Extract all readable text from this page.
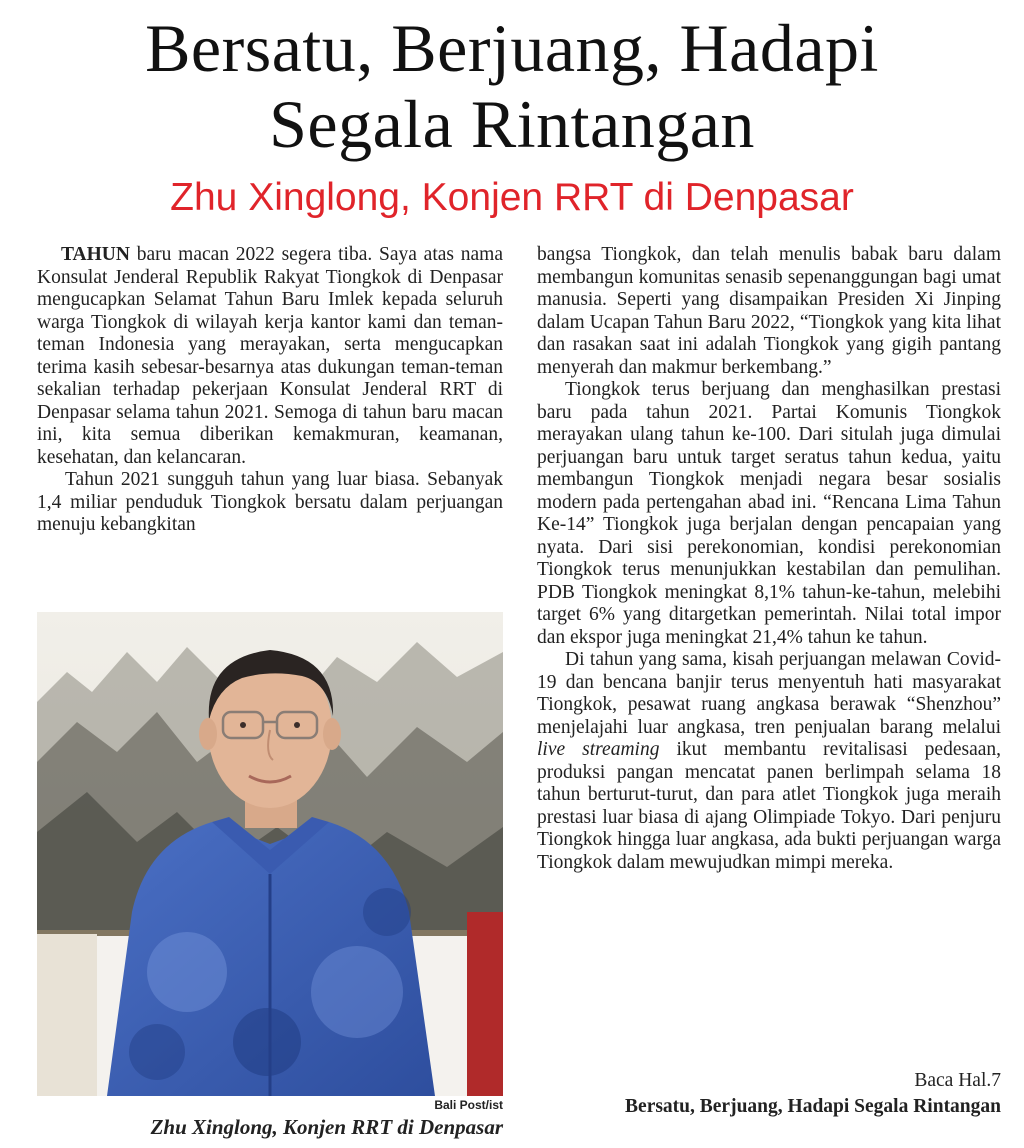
Bersatu, Berjuang, Hadapi
Segala Rintangan
Zhu Xinglong, Konjen RRT di Denpasar

TAHUN baru macan 2022 segera tiba. Saya atas nama Konsulat Jenderal Republik Rakyat Tiongkok di Denpasar mengucapkan Selamat Tahun Baru Imlek kepada seluruh warga Tiongkok di wilayah kerja kantor kami dan teman-teman Indonesia yang merayakan, serta mengucapkan terima kasih sebesar-besarnya atas dukungan teman-teman sekalian terhadap pekerjaan Konsulat Jenderal RRT di Denpasar selama tahun 2021. Semoga di tahun baru macan ini, kita semua diberikan kemakmuran, keamanan, kesehatan, dan kelancaran.

Tahun 2021 sungguh tahun yang luar biasa. Sebanyak 1,4 miliar penduduk Tiongkok bersatu dalam perjuangan menuju kebangkitan

Bali Post/ist
Zhu Xinglong, Konjen RRT di Denpasar

bangsa Tiongkok, dan telah menulis babak baru dalam membangun komunitas senasib sepenanggungan bagi umat manusia. Seperti yang disampaikan Presiden Xi Jinping dalam Ucapan Tahun Baru 2022, “Tiongkok yang kita lihat dan rasakan saat ini adalah Tiongkok yang gigih pantang menyerah dan makmur berkembang.”

Tiongkok terus berjuang dan menghasilkan prestasi baru pada tahun 2021. Partai Komunis Tiongkok merayakan ulang tahun ke-100. Dari situlah juga dimulai perjuangan baru untuk target seratus tahun kedua, yaitu membangun Tiongkok menjadi negara besar sosialis modern pada pertengahan abad ini. “Rencana Lima Tahun Ke-14” Tiongkok juga berjalan dengan pencapaian yang nyata. Dari sisi perekonomian, kondisi perekonomian Tiongkok terus menunjukkan kestabilan dan pemulihan. PDB Tiongkok meningkat 8,1% tahun-ke-tahun, melebihi target 6% yang ditargetkan pemerintah. Nilai total impor dan ekspor juga meningkat 21,4% tahun ke tahun.

Di tahun yang sama, kisah perjuangan melawan Covid-19 dan bencana banjir terus menyentuh hati masyarakat Tiongkok, pesawat ruang angkasa berawak “Shenzhou” menjelajahi luar angkasa, tren penjualan barang melalui live streaming ikut membantu revitalisasi pedesaan, produksi pangan mencatat panen berlimpah selama 18 tahun berturut-turut, dan para atlet Tiongkok juga meraih prestasi luar biasa di ajang Olimpiade Tokyo. Dari penjuru Tiongkok hingga luar angkasa, ada bukti perjuangan warga Tiongkok dalam mewujudkan mimpi mereka.

Baca Hal.7
Bersatu, Berjuang, Hadapi Segala Rintangan
